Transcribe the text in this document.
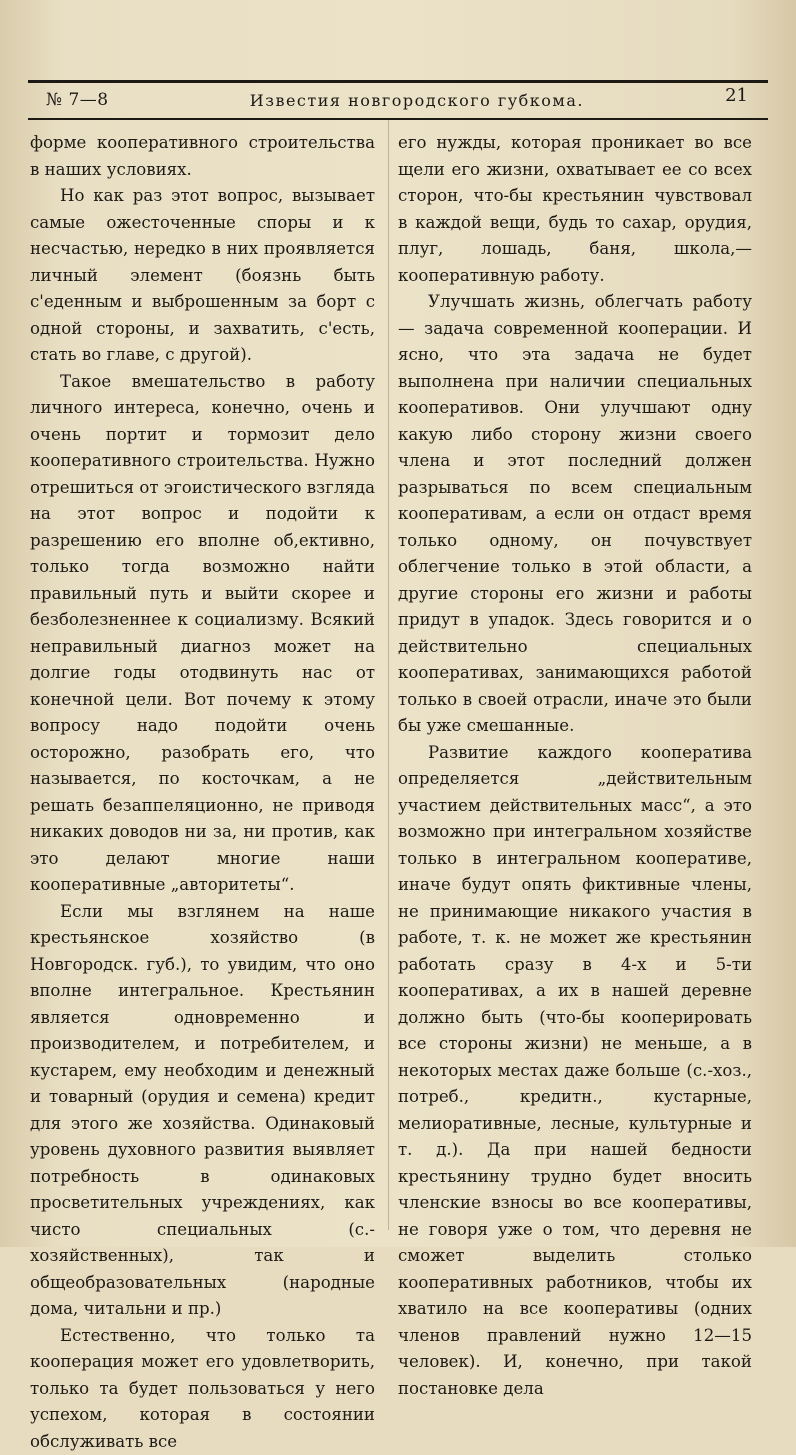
№ 7—8	Известия новгородского губкома.	21

форме кооперативного строительства в наших условиях.

Но как раз этот вопрос, вызывает самые ожесточенные споры и к несчастью, нередко в них проявляется личный элемент (боязнь быть с'еденным и выброшенным за борт с одной стороны, и захватить, с'есть, стать во главе, с другой).

Такое вмешательство в работу личного интереса, конечно, очень и очень портит и тормозит дело кооперативного строительства. Нужно отрешиться от эгоистического взгляда на этот вопрос и подойти к разрешению его вполне об,ективно, только тогда возможно найти правильный путь и выйти скорее и безболезненнее к социализму. Всякий неправильный диагноз может на долгие годы отодвинуть нас от конечной цели. Вот почему к этому вопросу надо подойти очень осторожно, разобрать его, что называется, по косточкам, а не решать безаппеляционно, не приводя никаких доводов ни за, ни против, как это делают многие наши кооперативные „авторитеты“.

Если мы взглянем на наше крестьянское хозяйство (в Новгородск. губ.), то увидим, что оно вполне интегральное. Крестьянин является одновременно и производителем, и потребителем, и кустарем, ему необходим и денежный и товарный (орудия и семена) кредит для этого же хозяйства. Одинаковый уровень духовного развития выявляет потребность в одинаковых просветительных учреждениях, как чисто специальных (с.-хозяйственных), так и общеобразовательных (народные дома, читальни и пр.)

Естественно, что только та кооперация может его удовлетворить, только та будет пользоваться у него успехом, которая в состоянии обслуживать все

его нужды, которая проникает во все щели его жизни, охватывает ее со всех сторон, что-бы крестьянин чувствовал в каждой вещи, будь то сахар, орудия, плуг, лошадь, баня, школа,— кооперативную работу.

Улучшать жизнь, облегчать работу— задача современной кооперации. И ясно, что эта задача не будет выполнена при наличии специальных кооперативов. Они улучшают одну какую либо сторону жизни своего члена и этот последний должен разрываться по всем специальным кооперативам, а если он отдаст время только одному, он почувствует облегчение только в этой области, а другие стороны его жизни и работы придут в упадок. Здесь говорится и о действительно специальных кооперативах, занимающихся работой только в своей отрасли, иначе это были бы уже смешанные.

Развитие каждого кооператива определяется „действительным участием действительных масс“, а это возможно при интегральном хозяйстве только в интегральном кооперативе, иначе будут опять фиктивные члены, не принимающие никакого участия в работе, т. к. не может же крестьянин работать сразу в 4-х и 5-ти кооперативах, а их в нашей деревне должно быть (что-бы кооперировать все стороны жизни) не меньше, а в некоторых местах даже больше (с.-хоз., потреб., кредитн., кустарные, мелиоративные, лесные, культурные и т. д.). Да при нашей бедности крестьянину трудно будет вносить членские взносы во все кооперативы, не говоря уже о том, что деревня не сможет выделить столько кооперативных работников, чтобы их хватило на все кооперативы (одних членов правлений нужно 12—15 человек). И, конечно, при такой постановке дела
